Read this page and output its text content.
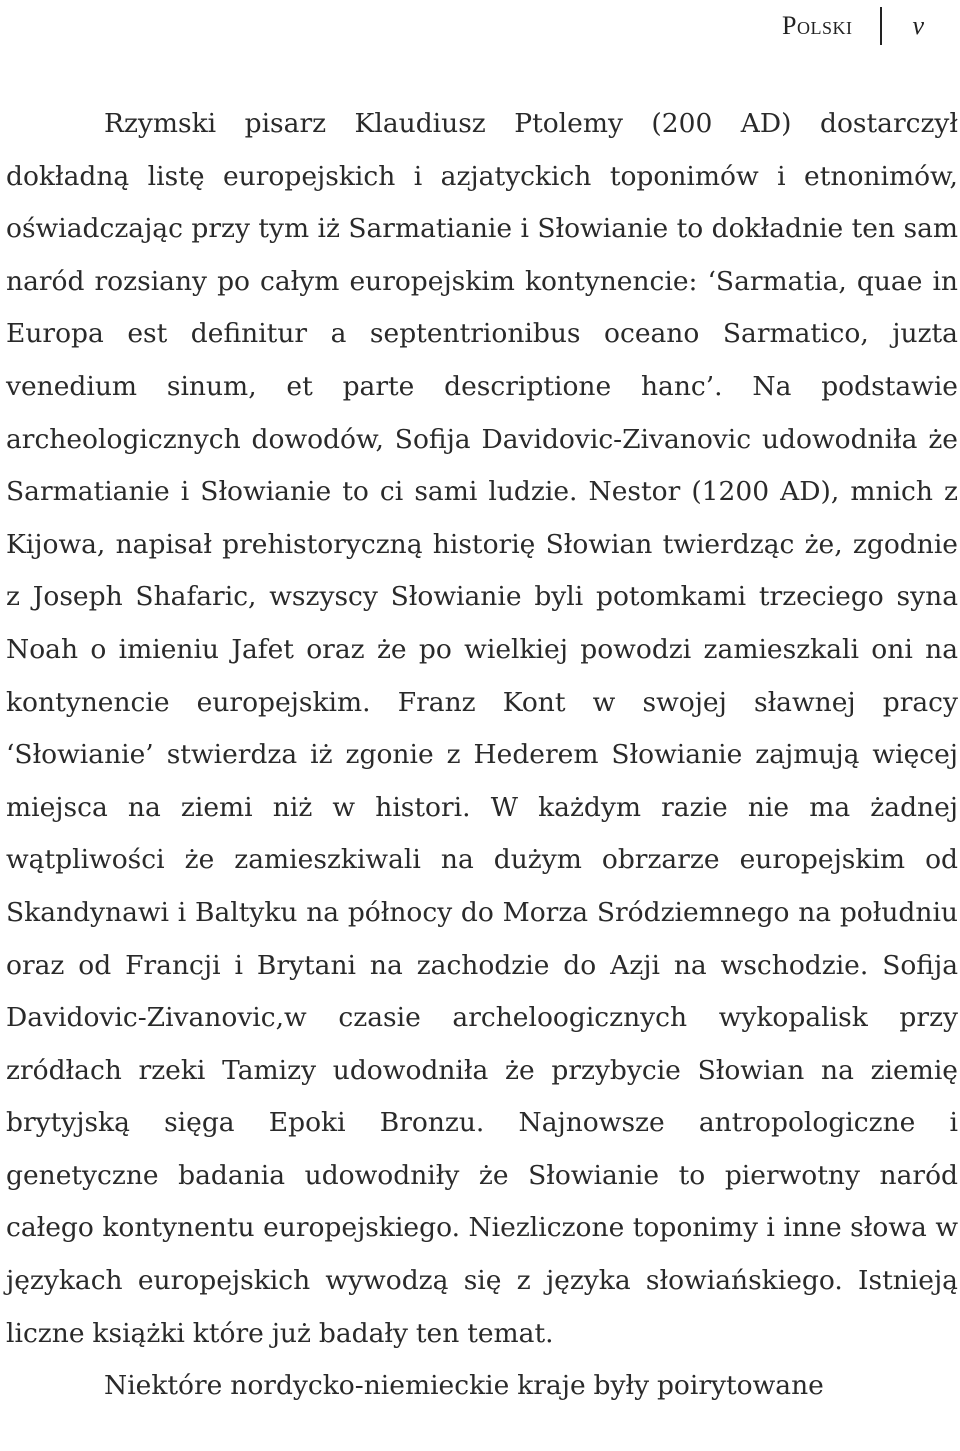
Polski	v

Rzymski pisarz Klaudiusz Ptolemy (200 AD) dostarczył dokładną listę europejskich i azjatyckich toponimów i etnonimów, oświadczając przy tym iż Sarmatianie i Słowianie to dokładnie ten sam naród rozsiany po całym europejskim kontynencie: ‘Sarmatia, quae in Europa est definitur a septentrionibus oceano Sarmatico, juzta venedium sinum, et parte descriptione hanc’. Na podstawie archeologicznych dowodów, Sofija Davidovic-Zivanovic udowodniła że Sarmatianie i Słowianie to ci sami ludzie. Nestor (1200 AD), mnich z Kijowa, napisał prehistoryczną historię Słowian twierdząc że, zgodnie z Joseph Shafaric, wszyscy Słowianie byli potomkami trzeciego syna Noah o imieniu Jafet oraz że po wielkiej powodzi zamieszkali oni na kontynencie europejskim. Franz Kont w swojej sławnej pracy ‘Słowianie’ stwierdza iż zgonie z Hederem Słowianie zajmują więcej miejsca na ziemi niż w histori. W każdym razie nie ma żadnej wątpliwości że zamieszkiwali na dużym obrzarze europejskim od Skandynawi i Baltyku na północy do Morza Sródziemnego na południu oraz od Francji i Brytani na zachodzie do Azji na wschodzie. Sofija Davidovic-Zivanovic,w czasie archeloogicznych wykopalisk przy zródłach rzeki Tamizy udowodniła że przybycie Słowian na ziemię brytyjską sięga Epoki Bronzu. Najnowsze antropologiczne i genetyczne badania udowodniły że Słowianie to pierwotny naród całego kontynentu europejskiego. Niezliczone toponimy i inne słowa w językach europejskich wywodzą się z języka słowiańskiego. Istnieją liczne książki które już badały ten temat.

Niektóre nordycko-niemieckie kraje były poirytowane
